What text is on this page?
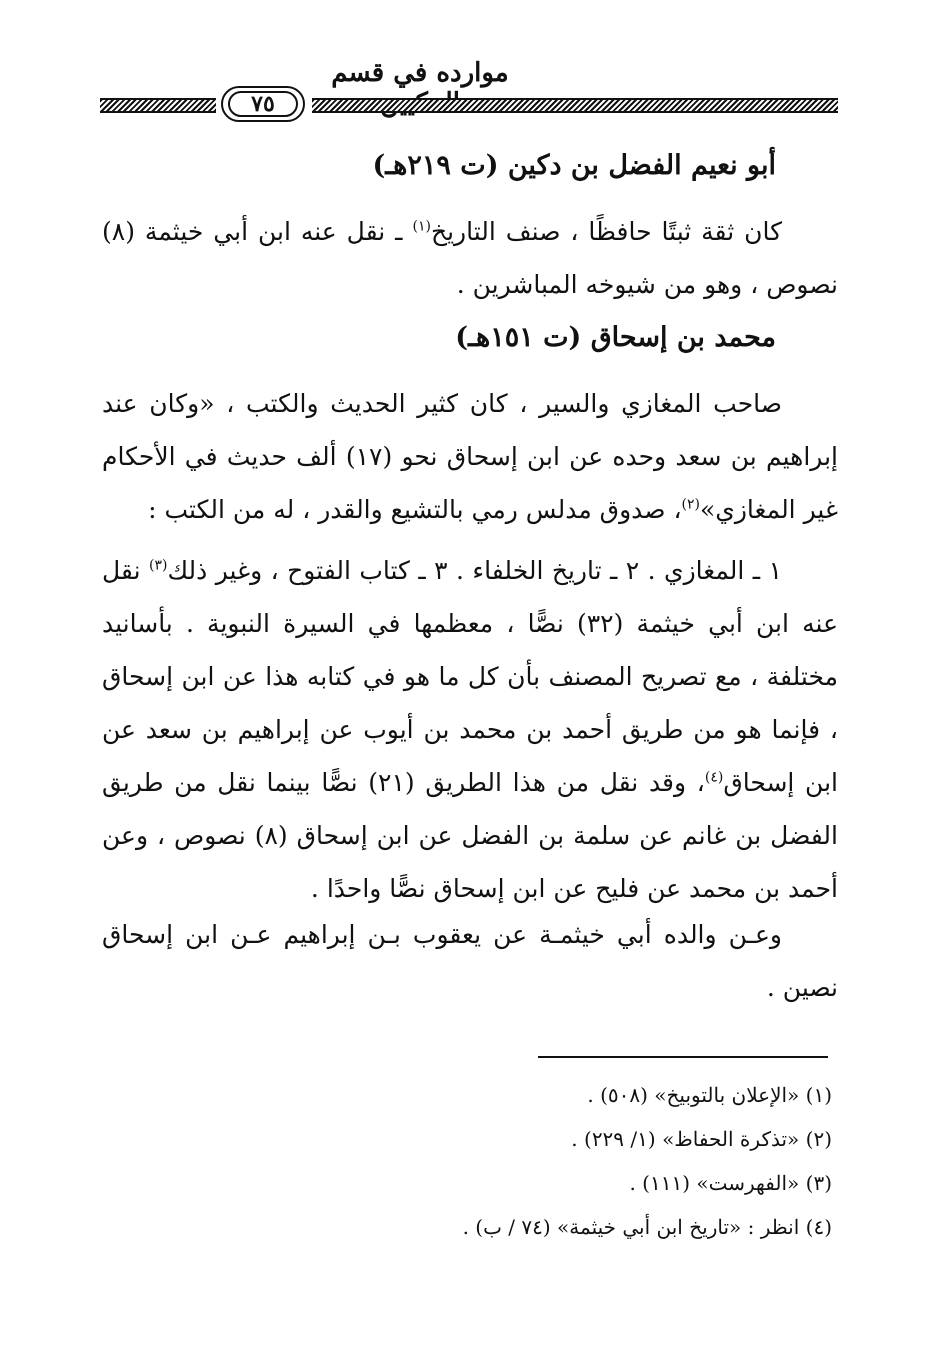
موارده في قسم
٧٥
أبو نعيم الفضل بن دكين (ت ٢١٩هـ)
كان ثقة ثبتًا حافظًا ، صنف التاريخ$^{(١)}$ ـ نقل عنه ابن أبي خيثمة (٨) نصوص ، وهو من شيوخه المباشرين .
محمد بن إسحاق (ت ١٥١هـ)
صاحب المغازي والسير ، كان كثير الحديث والكتب ، «وكان عند إبراهيم بن سعد وحده عن ابن إسحاق نحو (١٧) ألف حديث في الأحكام غير المغازي»$^{(٢)}$، صدوق مدلس رمي بالتشيع والقدر ، له من الكتب :
١ ـ المغازي . ٢ ـ تاريخ الخلفاء . ٣ ـ كتاب الفتوح ، وغير ذلك$^{(٣)}$ نقل عنه ابن أبي خيثمة (٣٢) نصًّا ، معظمها في السيرة النبوية . بأسانيد مختلفة ، مع تصريح المصنف بأن كل ما هو في كتابه هذا عن ابن إسحاق ، فإنما هو من طريق أحمد بن محمد بن أيوب عن إبراهيم بن سعد عن ابن إسحاق$^{(٤)}$، وقد نقل من هذا الطريق (٢١) نصًّا بينما نقل من طريق الفضل بن غانم عن سلمة بن الفضل عن ابن إسحاق (٨) نصوص ، وعن أحمد بن محمد عن فليح عن ابن إسحاق نصًّا واحدًا .
وعـن والده أبي خيثمـة عن يعقوب بـن إبراهيم عـن ابن إسحاق نصين .
(١) «الإعلان بالتوبيخ» (٥٠٨) .
(٢) «تذكرة الحفاظ» (١/ ٢٢٩) .
(٣) «الفهرست» (١١١) .
(٤) انظر : «تاريخ ابن أبي خيثمة» (٧٤ / ب) .
